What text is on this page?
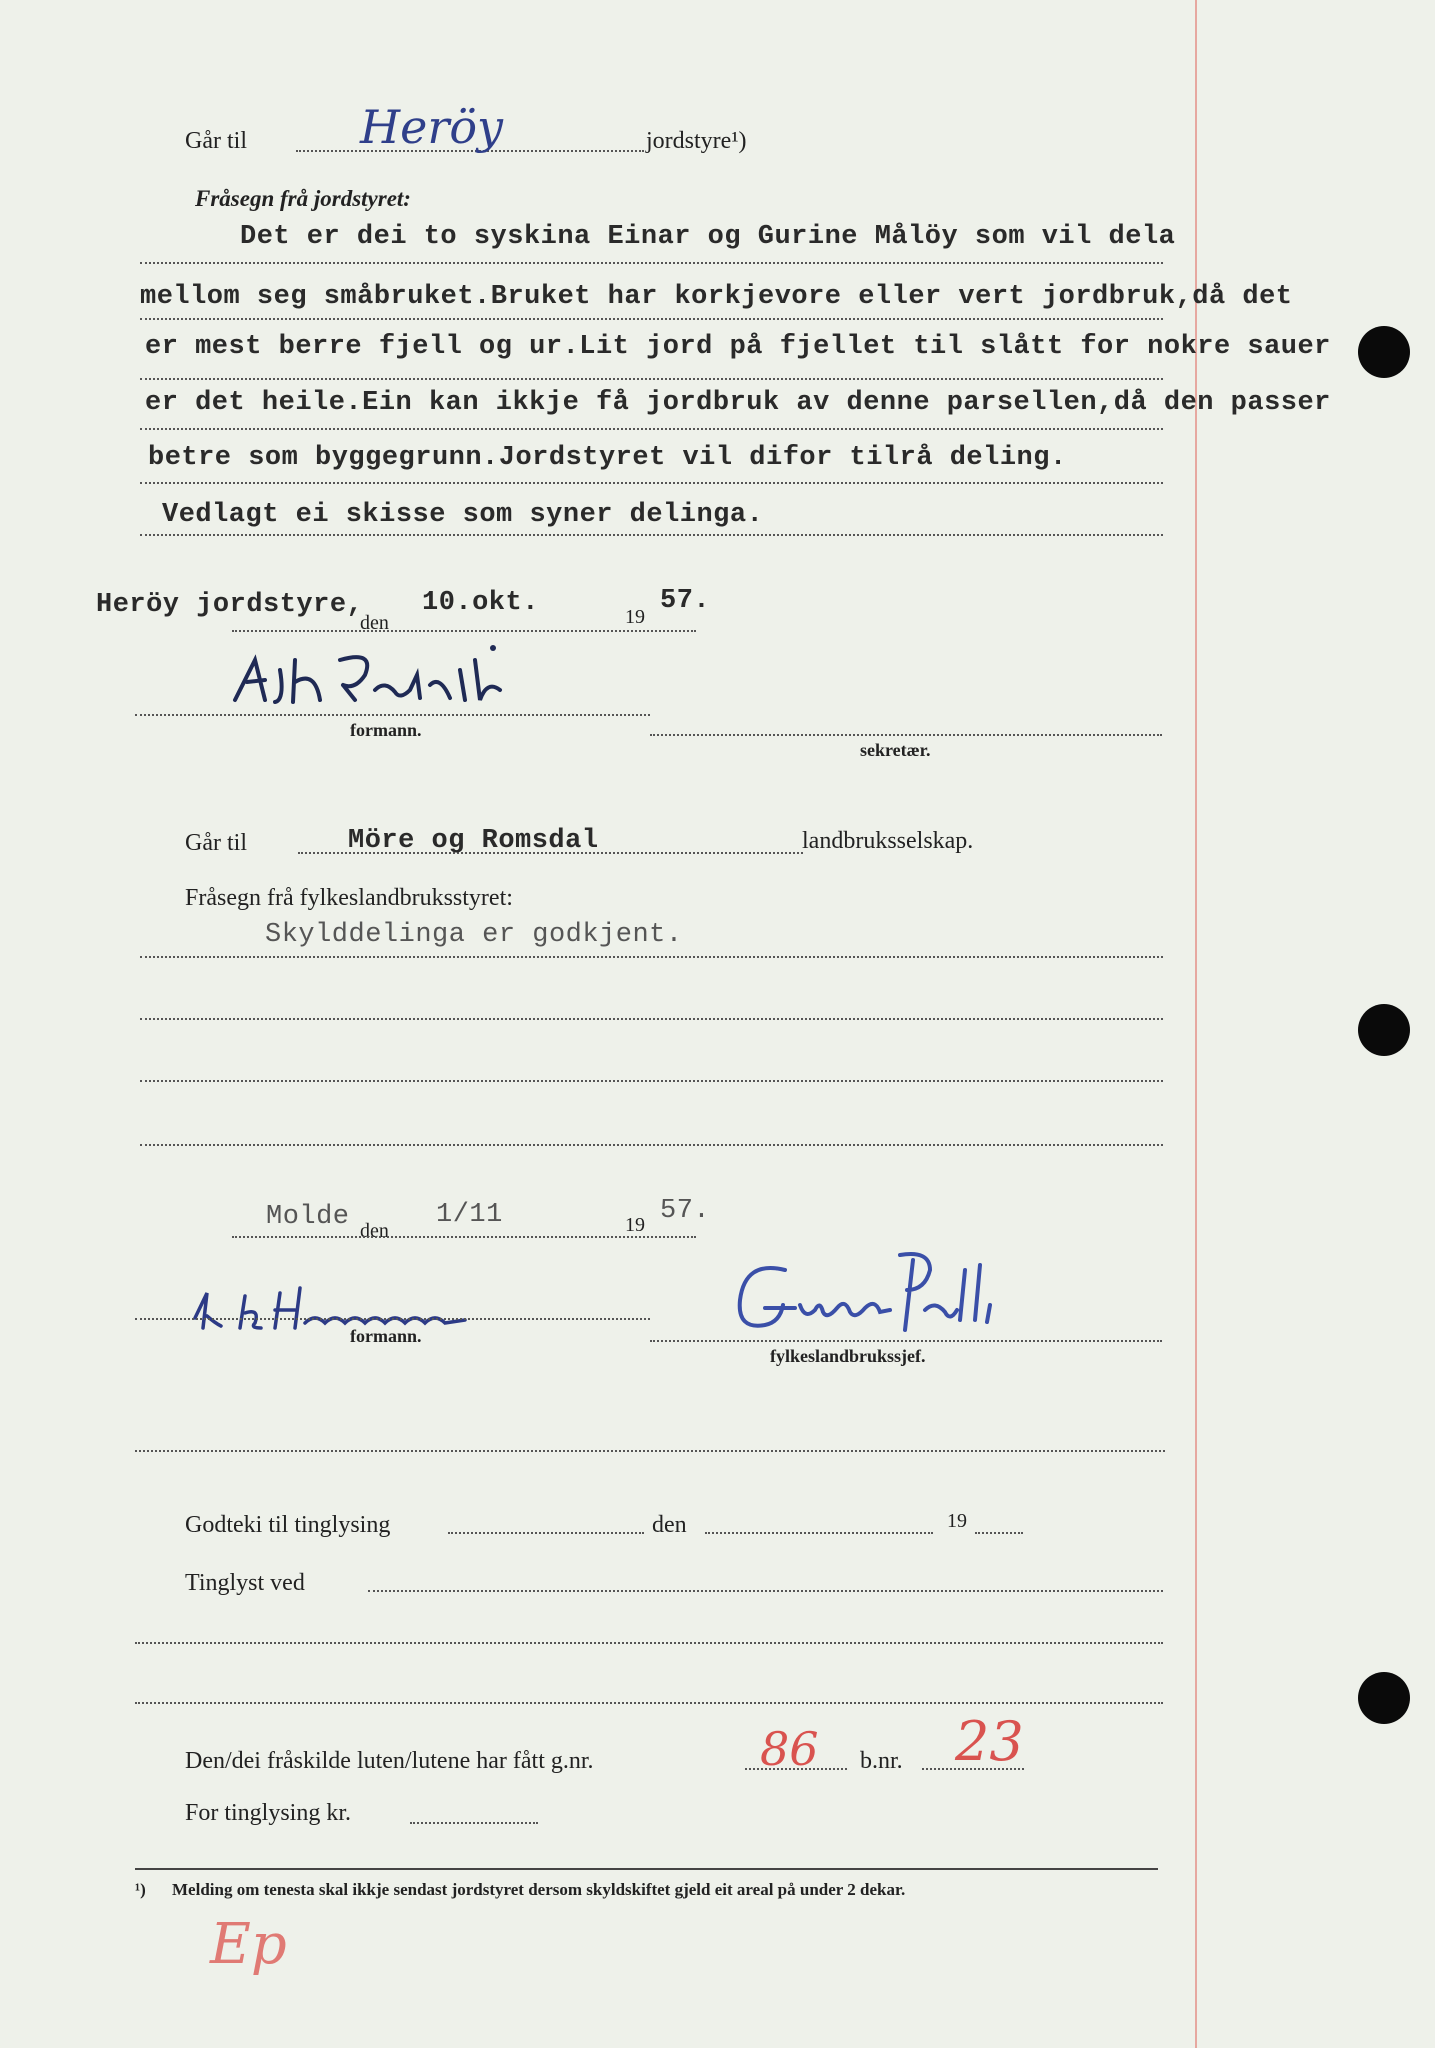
Går til Heröy	jordstyre¹)
Fråsegn frå jordstyret:
Det er dei to syskina Einar og Gurine Målöy som vil dela
mellom seg småbruket.Bruket har korkjevore eller vert jordbruk,då det
er mest berre fjell og ur.Lit jord på fjellet til slått for nokre sauer
er det heile.Ein kan ikkje få jordbruk av denne parsellen,då den passer
betre som byggegrunn.Jordstyret vil difor tilrå deling.
Vedlagt ei skisse som syner delinga.
Heröy jordstyre,
den
10.okt.	19
57.
formann.
sekretær.
Går til	Möre og Romsdal	landbruksselskap.
Fråsegn frå fylkeslandbruksstyret:
Skylddelinga er godkjent.
Molde den
1/11	19 57.
formann.
fylkeslandbrukssjef.
Godteki til tinglysing	den	19
Tinglyst ved
Den/dei fråskilde luten/lutene har fått g.nr.	86 b.nr. 23
For tinglysing kr.
¹) Melding om tenesta skal ikkje sendast jordstyret dersom skyldskiftet gjeld eit areal på under 2 dekar.
Ep
